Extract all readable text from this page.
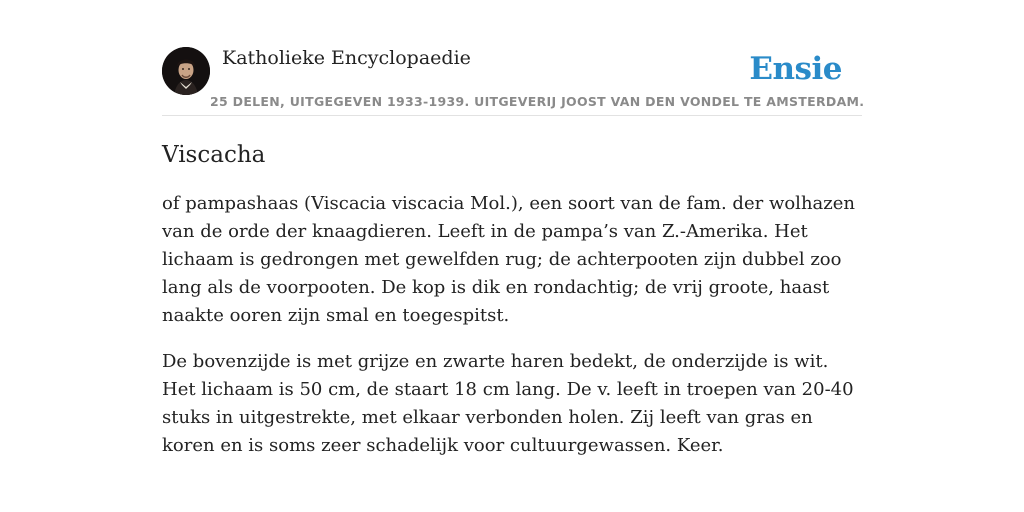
Katholieke Encyclopaedie	Ensie
25 DELEN, UITGEGEVEN 1933-1939. UITGEVERIJ JOOST VAN DEN VONDEL TE AMSTERDAM.
Viscacha

of pampashaas (Viscacia viscacia Mol.), een soort van de fam. der wolhazen van de orde der knaagdieren. Leeft in de pampa’s van Z.-Amerika. Het lichaam is gedrongen met gewelfden rug; de achterpooten zijn dubbel zoo lang als de voorpooten. De kop is dik en rondachtig; de vrij groote, haast naakte ooren zijn smal en toegespitst.

De bovenzijde is met grijze en zwarte haren bedekt, de onderzijde is wit. Het lichaam is 50 cm, de staart 18 cm lang. De v. leeft in troepen van 20-40 stuks in uitgestrekte, met elkaar verbonden holen. Zij leeft van gras en koren en is soms zeer schadelijk voor cultuurgewassen. Keer.
